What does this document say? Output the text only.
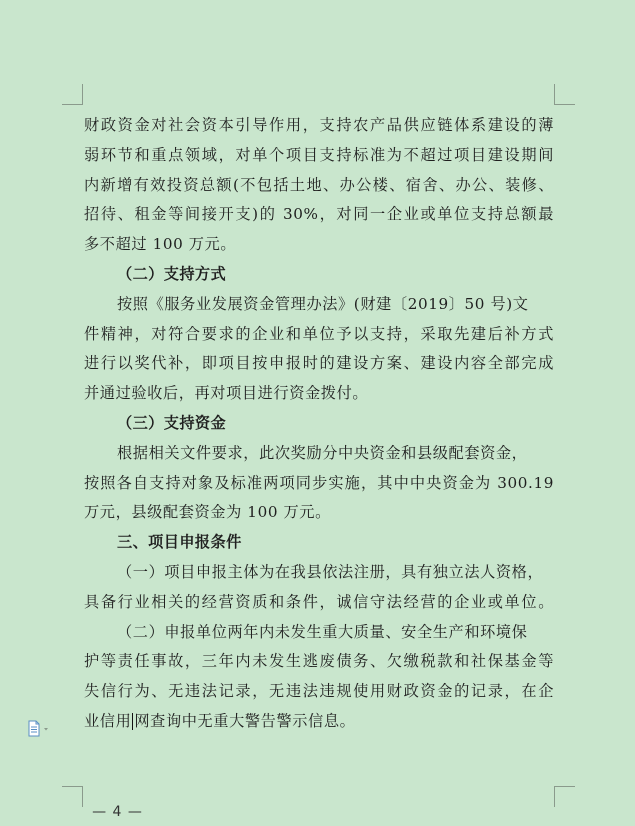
财政资金对社会资本引导作用，支持农产品供应链体系建设的薄
弱环节和重点领域，对单个项目支持标准为不超过项目建设期间
内新增有效投资总额(不包括土地、办公楼、宿舍、办公、装修、
招待、租金等间接开支)的 30%，对同一企业或单位支持总额最
多不超过 100 万元。
（二）支持方式
按照《服务业发展资金管理办法》(财建〔2019〕50 号)文
件精神，对符合要求的企业和单位予以支持，采取先建后补方式
进行以奖代补，即项目按申报时的建设方案、建设内容全部完成
并通过验收后，再对项目进行资金拨付。
（三）支持资金
根据相关文件要求，此次奖励分中央资金和县级配套资金，
按照各自支持对象及标准两项同步实施，其中中央资金为 300.19
万元，县级配套资金为 100 万元。
三、项目申报条件
（一）项目申报主体为在我县依法注册，具有独立法人资格，
具备行业相关的经营资质和条件，诚信守法经营的企业或单位。
（二）申报单位两年内未发生重大质量、安全生产和环境保
护等责任事故，三年内未发生逃废债务、欠缴税款和社保基金等
失信行为、无违法记录，无违法违规使用财政资金的记录，在企
业信用 网查询中无重大警告警示信息。
— 4 —
